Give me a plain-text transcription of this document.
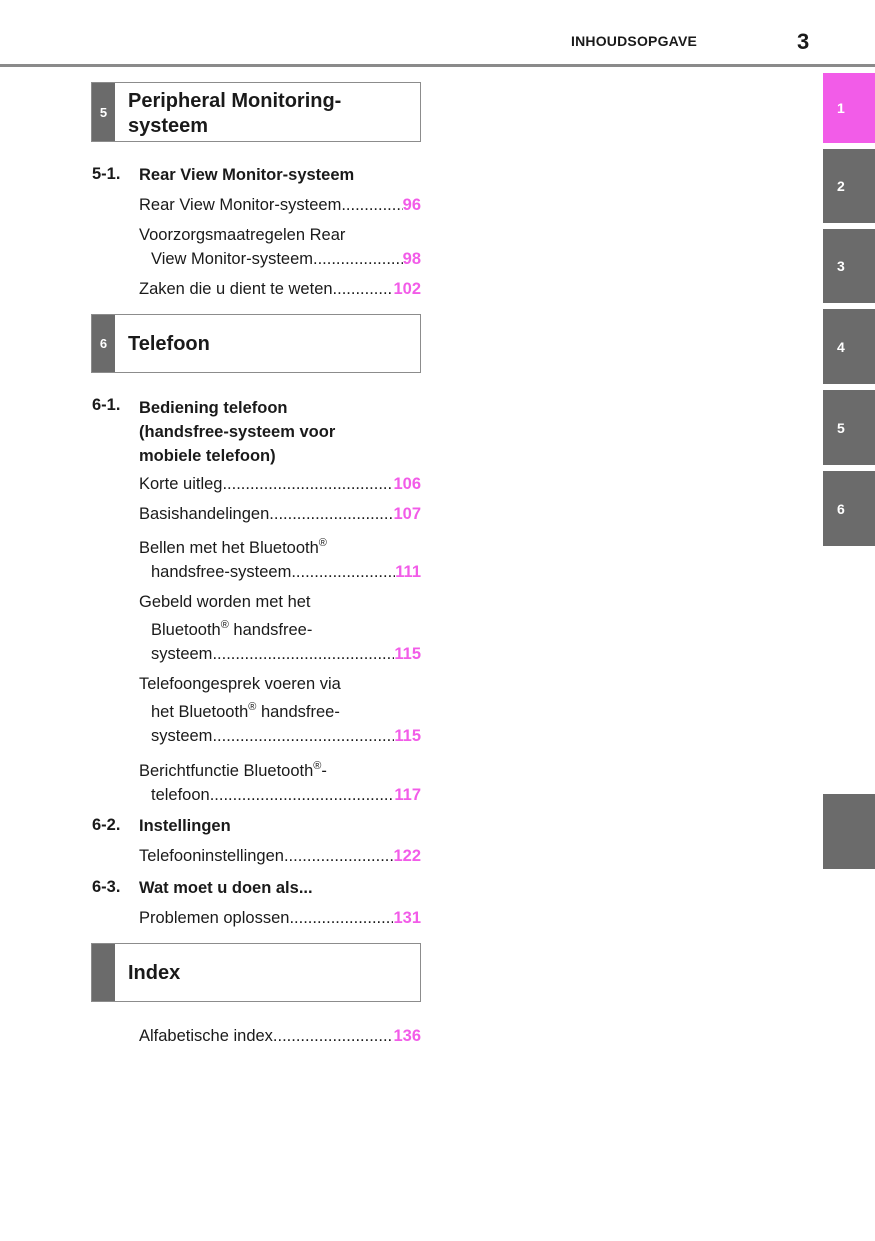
INHOUDSOPGAVE	3
5	Peripheral Monitoring-
systeem
5-1. Rear View Monitor-systeem
Rear View Monitor-systeem .....	96
Voorzorgsmaatregelen Rear
View Monitor-systeem .....	98
Zaken die u dient te weten .....	102
6	Telefoon
6-1. Bediening telefoon
(handsfree-systeem voor
mobiele telefoon)
Korte uitleg .....	106
Basishandelingen .....	107
Bellen met het Bluetooth®
handsfree-systeem .....	111
Gebeld worden met het
Bluetooth® handsfree-
systeem .....	115
Telefoongesprek voeren via
het Bluetooth® handsfree-
systeem .....	115
Berichtfunctie Bluetooth®-
telefoon .....	117
6-2. Instellingen
Telefooninstellingen .....	122
6-3. Wat moet u doen als...
Problemen oplossen .....	131
Index
Alfabetische index .....	136
1
2
3
4
5
6
